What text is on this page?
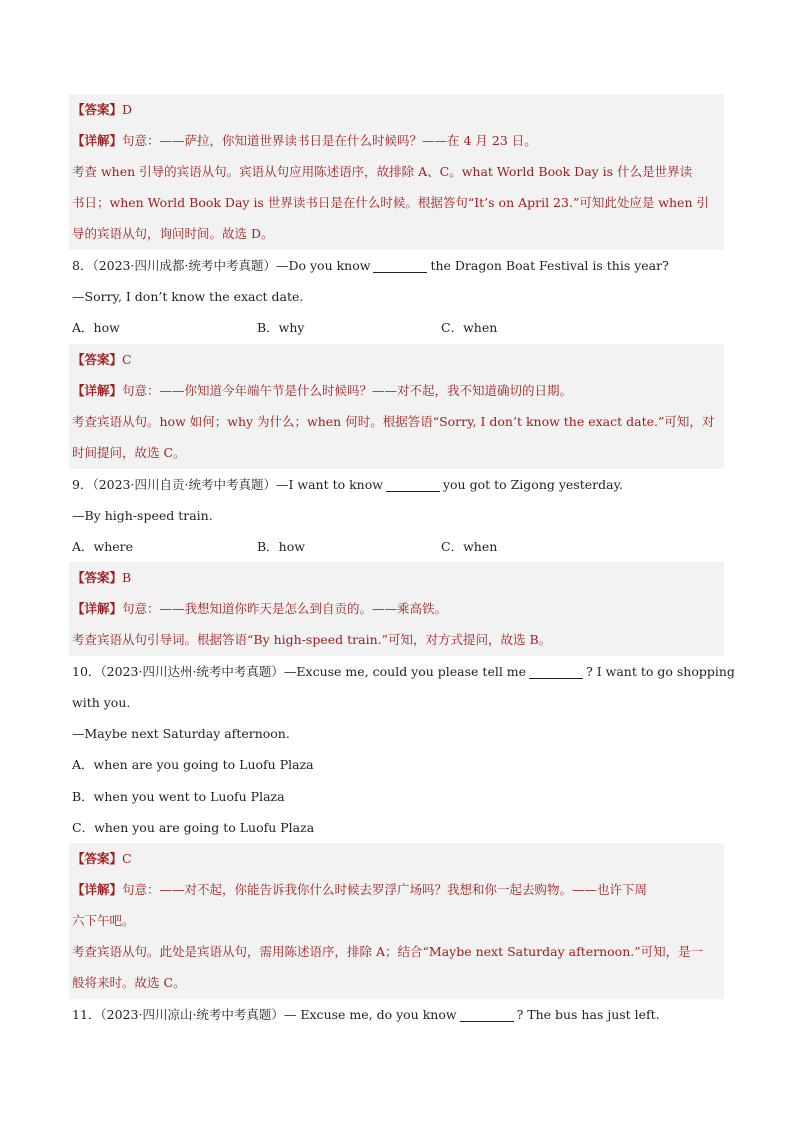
【答案】D
【详解】句意：——萨拉，你知道世界读书日是在什么时候吗？——在 4 月 23 日。
考查 when 引导的宾语从句。宾语从句应用陈述语序，故排除 A、C。what World Book Day is 什么是世界读
书日；when World Book Day is 世界读书日是在什么时候。根据答句“It’s on April 23.”可知此处应是 when 引
导的宾语从句，询问时间。故选 D。
8．（2023·四川成都·统考中考真题）—Do you know	the Dragon Boat Festival is this year?
—Sorry, I don’t know the exact date.
A．how	B．why	C．when
【答案】C
【详解】句意：——你知道今年端午节是什么时候吗？——对不起，我不知道确切的日期。
考查宾语从句。how 如何；why 为什么；when 何时。根据答语“Sorry, I don’t know the exact date.”可知，对
时间提问，故选 C。
9．（2023·四川自贡·统考中考真题）—I want to know	you got to Zigong yesterday.
—By high-speed train.
A．where	B．how	C．when
【答案】B
【详解】句意：——我想知道你昨天是怎么到自贡的。——乘高铁。
考查宾语从句引导词。根据答语“By high-speed train.”可知，对方式提问，故选 B。
10．（2023·四川达州·统考中考真题）—Excuse me, could you please tell me	? I want to go shopping
with you.
—Maybe next Saturday afternoon.
A．when are you going to Luofu Plaza
B．when you went to Luofu Plaza
C．when you are going to Luofu Plaza
【答案】C
【详解】句意：——对不起，你能告诉我你什么时候去罗浮广场吗？我想和你一起去购物。——也许下周
六下午吧。
考查宾语从句。此处是宾语从句，需用陈述语序，排除 A；结合“Maybe next Saturday afternoon.”可知，是一
般将来时。故选 C。
11．（2023·四川凉山·统考中考真题）— Excuse me, do you know	? The bus has just left.
